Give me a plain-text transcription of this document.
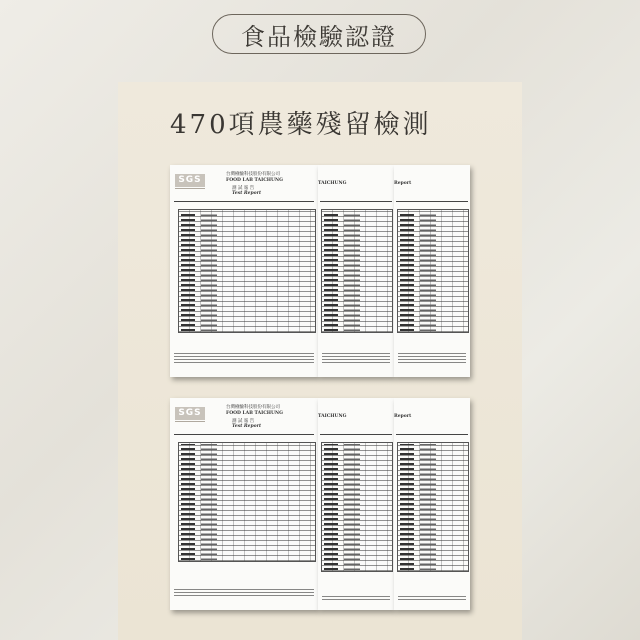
食品檢驗認證
470項農藥殘留檢測
SGS
台灣檢驗科技股份有限公司
FOOD LAB TAICHUNG
測 試 報 告
Test Report
TAICHUNG	Report
SGS
台灣檢驗科技股份有限公司
FOOD LAB TAICHUNG
測 試 報 告
Test Report
TAICHUNG	Report
